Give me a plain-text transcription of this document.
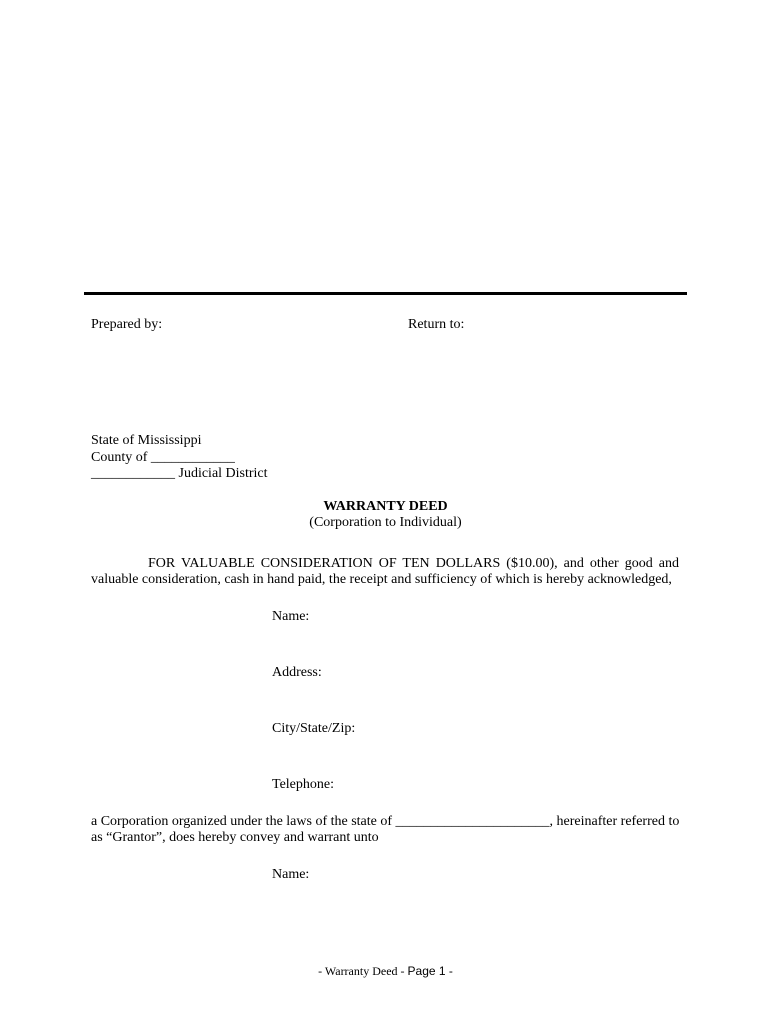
Prepared by:	Return to:
State of Mississippi
County of ____________
____________ Judicial District
WARRANTY DEED
(Corporation to Individual)
FOR VALUABLE CONSIDERATION OF TEN DOLLARS ($10.00), and other good and
valuable consideration, cash in hand paid, the receipt and sufficiency of which is hereby acknowledged,
Name:
Address:
City/State/Zip:
Telephone:
a Corporation organized under the laws of the state of ______________________, hereinafter referred to
as “Grantor”, does hereby convey and warrant unto
Name:
- Warranty Deed - Page 1 -
